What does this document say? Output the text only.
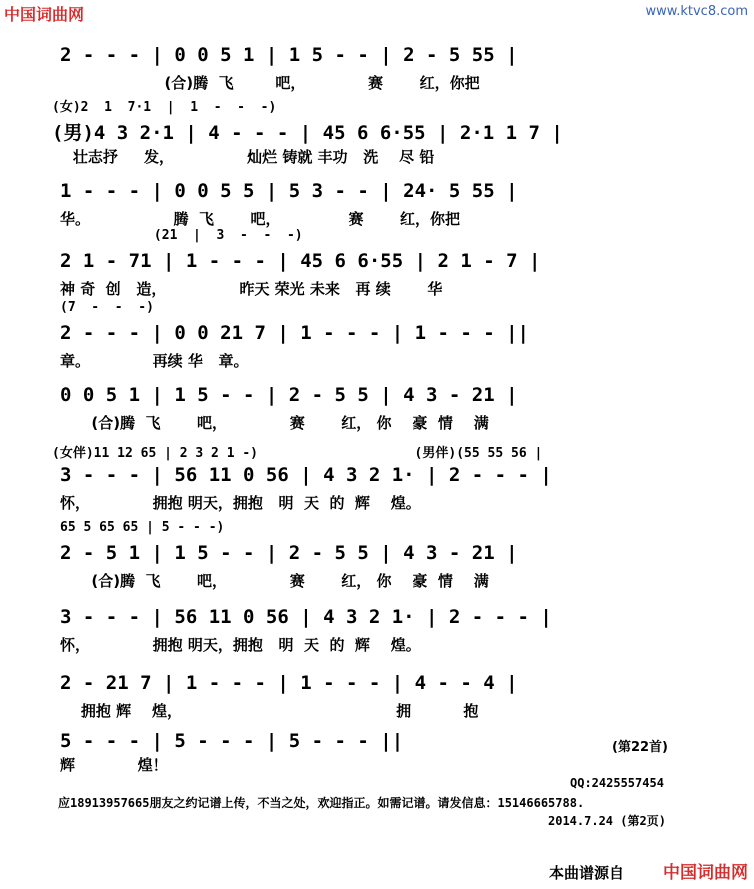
中国词曲网	www.ktvc8.com
2 - - - | 0 0 5 1 | 1 5 - - | 2 - 5 55 |
(合)腾  飞        吧，            赛       红，你把
(女)2  1  7·1  |  1  -  -  -)
(男)4 3 2·1 | 4 - - - | 45 6 6·55 | 2·1 1 7 |
壮志抒     发，              灿烂 铸就 丰功   洗    尽 铅
1 - - - | 0 0 5 5 | 5 3 - - | 24· 5 55 |
华。                腾  飞       吧，             赛       红，你把
(21  |  3  -  -  -)
2 1 - 71 | 1 - - - | 45 6 6·55 | 2 1 - 7 |
神 奇  创   造，              昨天 荣光 未来   再 续       华
(7  -  -  -)
2 - - - | 0 0 21 7 | 1 - - - | 1 - - - ||
章。            再续 华   章。
0 0 5 1 | 1 5 - - | 2 - 5 5 | 4 3 - 21 |
(合)腾  飞       吧，            赛       红， 你    豪  情    满
(女伴)11 12 65 | 2 3 2 1 -)                    (男伴)(55 55 56 |
3 - - - | 56 11 0 56 | 4 3 2 1· | 2 - - - |
怀，            拥抱 明天，拥抱   明  天  的  辉    煌。
65 5 65 65 | 5 - - -)
2 - 5 1 | 1 5 - - | 2 - 5 5 | 4 3 - 21 |
(合)腾  飞       吧，            赛       红， 你    豪  情    满
3 - - - | 56 11 0 56 | 4 3 2 1· | 2 - - - |
怀，            拥抱 明天，拥抱   明  天  的  辉    煌。
2 - 21 7 | 1 - - - | 1 - - - | 4 - - 4 |
拥抱 辉    煌，                                         拥          抱
5 - - - | 5 - - - | 5 - - - ||
辉            煌！
(第22首)
QQ:2425557454
应18913957665朋友之约记谱上传，不当之处，欢迎指正。如需记谱。请发信息：15146665788.
2014.7.24 (第2页)
本曲谱源自 中国词曲网
